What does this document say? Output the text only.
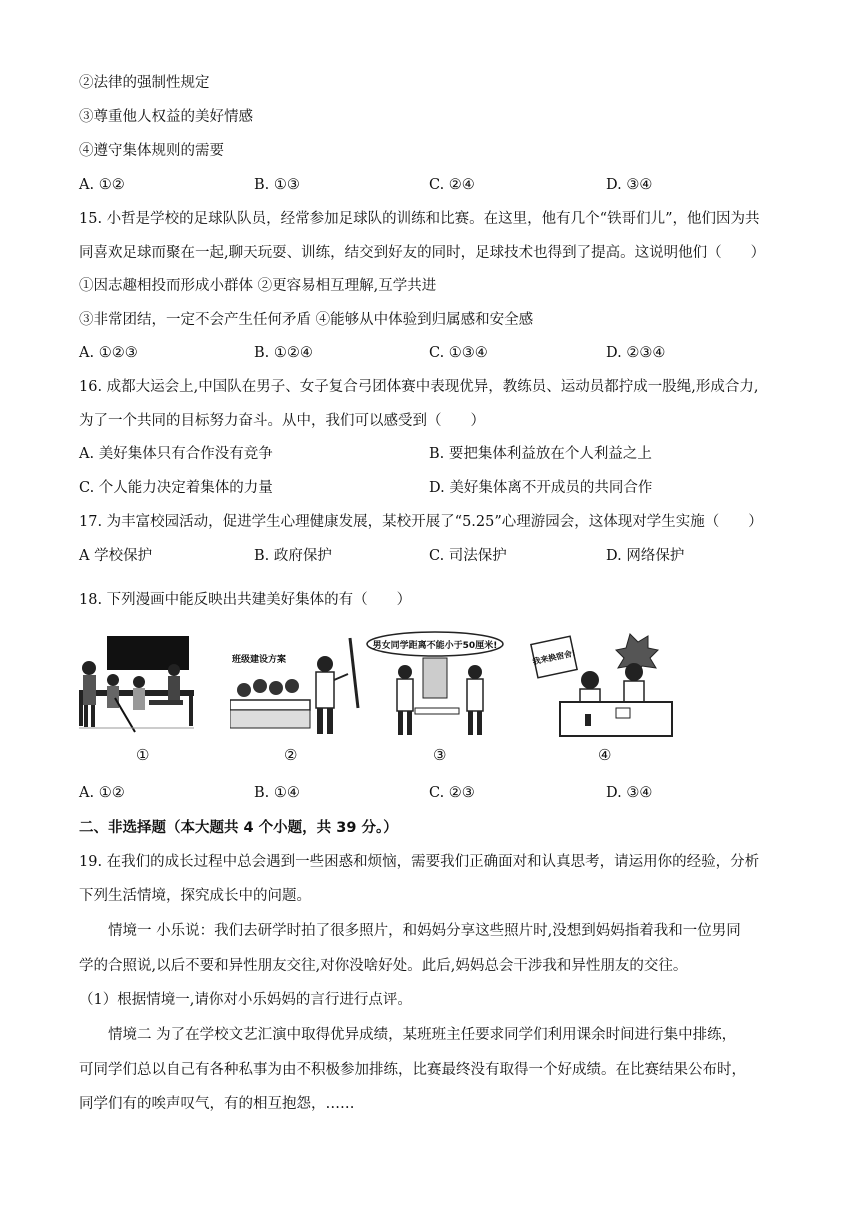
②法律的强制性规定
③尊重他人权益的美好情感
④遵守集体规则的需要
A. ①②	B. ①③	C. ②④	D. ③④
15. 小哲是学校的足球队队员，经常参加足球队的训练和比赛。在这里，他有几个“铁哥们儿”，他们因为共
同喜欢足球而聚在一起,聊天玩耍、训练，结交到好友的同时，足球技术也得到了提高。这说明他们（　　）
①因志趣相投而形成小群体 ②更容易相互理解,互学共进
③非常团结，一定不会产生任何矛盾 ④能够从中体验到归属感和安全感
A. ①②③	B. ①②④	C. ①③④	D. ②③④
16. 成都大运会上,中国队在男子、女子复合弓团体赛中表现优异，教练员、运动员都拧成一股绳,形成合力,
为了一个共同的目标努力奋斗。从中，我们可以感受到（　　）
A. 美好集体只有合作没有竞争	B. 要把集体利益放在个人利益之上
C. 个人能力决定着集体的力量	D. 美好集体离不开成员的共同合作
17. 为丰富校园活动，促进学生心理健康发展，某校开展了“5.25”心理游园会，这体现对学生实施（　　）
A 学校保护	B. 政府保护	C. 司法保护	D. 网络保护
18. 下列漫画中能反映出共建美好集体的有（　　）
班级建设方案
男女同学距离不能小于50厘米!
我来换宿舍!
①	②	③	④
A. ①②	B. ①④	C. ②③	D. ③④
二、非选择题（本大题共 4 个小题，共 39 分。）
19. 在我们的成长过程中总会遇到一些困惑和烦恼，需要我们正确面对和认真思考，请运用你的经验，分析
下列生活情境，探究成长中的问题。
情境一 小乐说：我们去研学时拍了很多照片，和妈妈分享这些照片时,没想到妈妈指着我和一位男同
学的合照说,以后不要和异性朋友交往,对你没啥好处。此后,妈妈总会干涉我和异性朋友的交往。
（1）根据情境一,请你对小乐妈妈的言行进行点评。
情境二 为了在学校文艺汇演中取得优异成绩，某班班主任要求同学们利用课余时间进行集中排练，
可同学们总以自己有各种私事为由不积极参加排练，比赛最终没有取得一个好成绩。在比赛结果公布时，
同学们有的唉声叹气，有的相互抱怨，……
